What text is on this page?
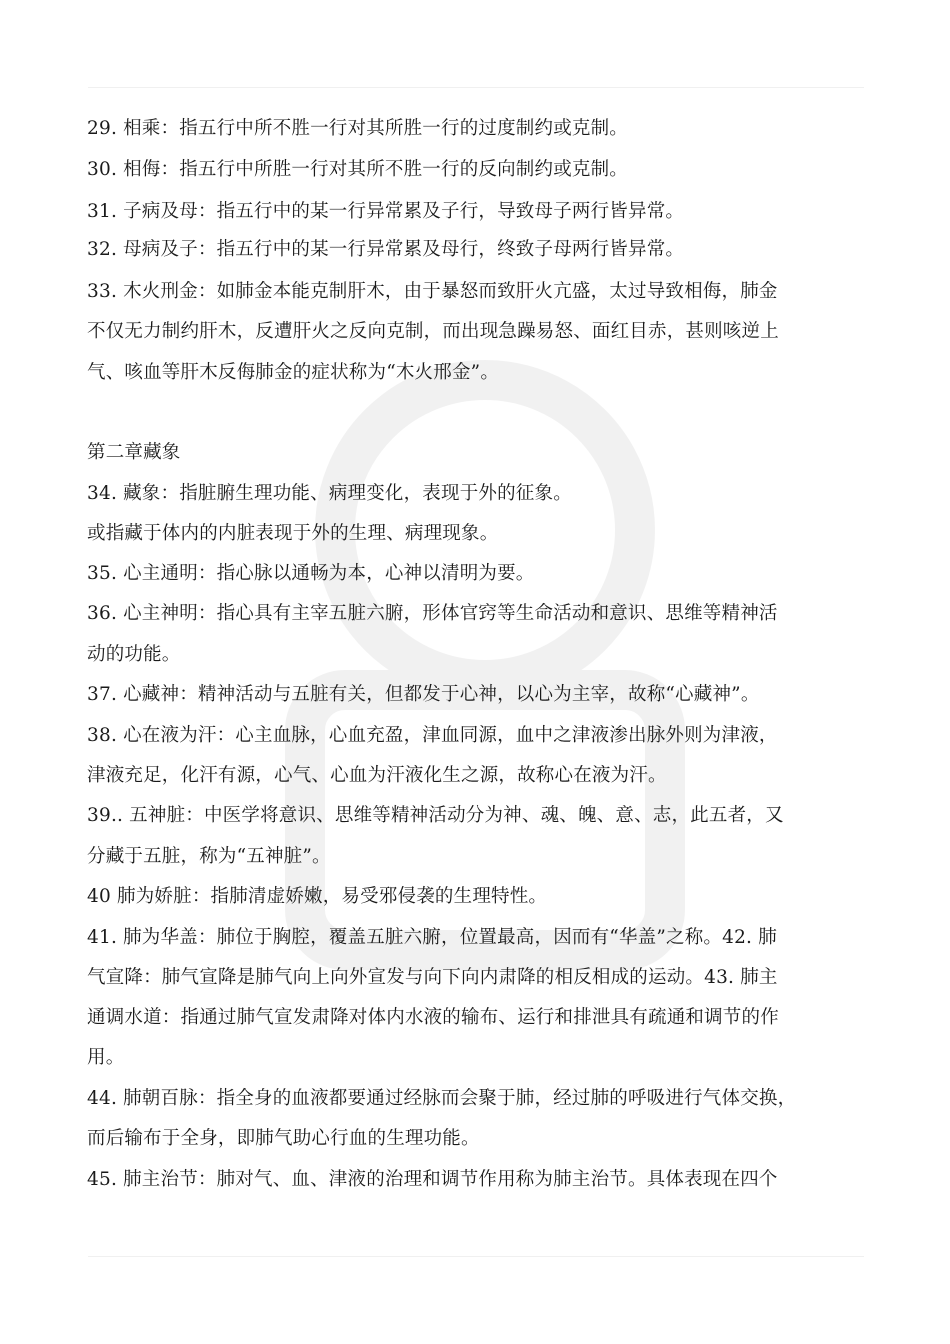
29. 相乘：指五行中所不胜一行对其所胜一行的过度制约或克制。
30. 相侮：指五行中所胜一行对其所不胜一行的反向制约或克制。
31. 子病及母：指五行中的某一行异常累及子行，导致母子两行皆异常。
32. 母病及子：指五行中的某一行异常累及母行，终致子母两行皆异常。
33. 木火刑金：如肺金本能克制肝木，由于暴怒而致肝火亢盛，太过导致相侮，肺金
不仅无力制约肝木，反遭肝火之反向克制，而出现急躁易怒、面红目赤，甚则咳逆上
气、咳血等肝木反侮肺金的症状称为“木火邢金”。
第二章藏象
34. 藏象：指脏腑生理功能、病理变化，表现于外的征象。
或指藏于体内的内脏表现于外的生理、病理现象。
35. 心主通明：指心脉以通畅为本，心神以清明为要。
36. 心主神明：指心具有主宰五脏六腑，形体官窍等生命活动和意识、思维等精神活
动的功能。
37. 心藏神：精神活动与五脏有关，但都发于心神，以心为主宰，故称“心藏神”。
38. 心在液为汗：心主血脉，心血充盈，津血同源，血中之津液渗出脉外则为津液，
津液充足，化汗有源，心气、心血为汗液化生之源，故称心在液为汗。
39.. 五神脏：中医学将意识、思维等精神活动分为神、魂、魄、意、志，此五者，又
分藏于五脏，称为“五神脏”。
40 肺为娇脏：指肺清虚娇嫩，易受邪侵袭的生理特性。
41. 肺为华盖：肺位于胸腔，覆盖五脏六腑，位置最高，因而有“华盖”之称。42. 肺
气宣降：肺气宣降是肺气向上向外宣发与向下向内肃降的相反相成的运动。43. 肺主
通调水道：指通过肺气宣发肃降对体内水液的输布、运行和排泄具有疏通和调节的作
用。
44. 肺朝百脉：指全身的血液都要通过经脉而会聚于肺，经过肺的呼吸进行气体交换，
而后输布于全身，即肺气助心行血的生理功能。
45. 肺主治节：肺对气、血、津液的治理和调节作用称为肺主治节。具体表现在四个
